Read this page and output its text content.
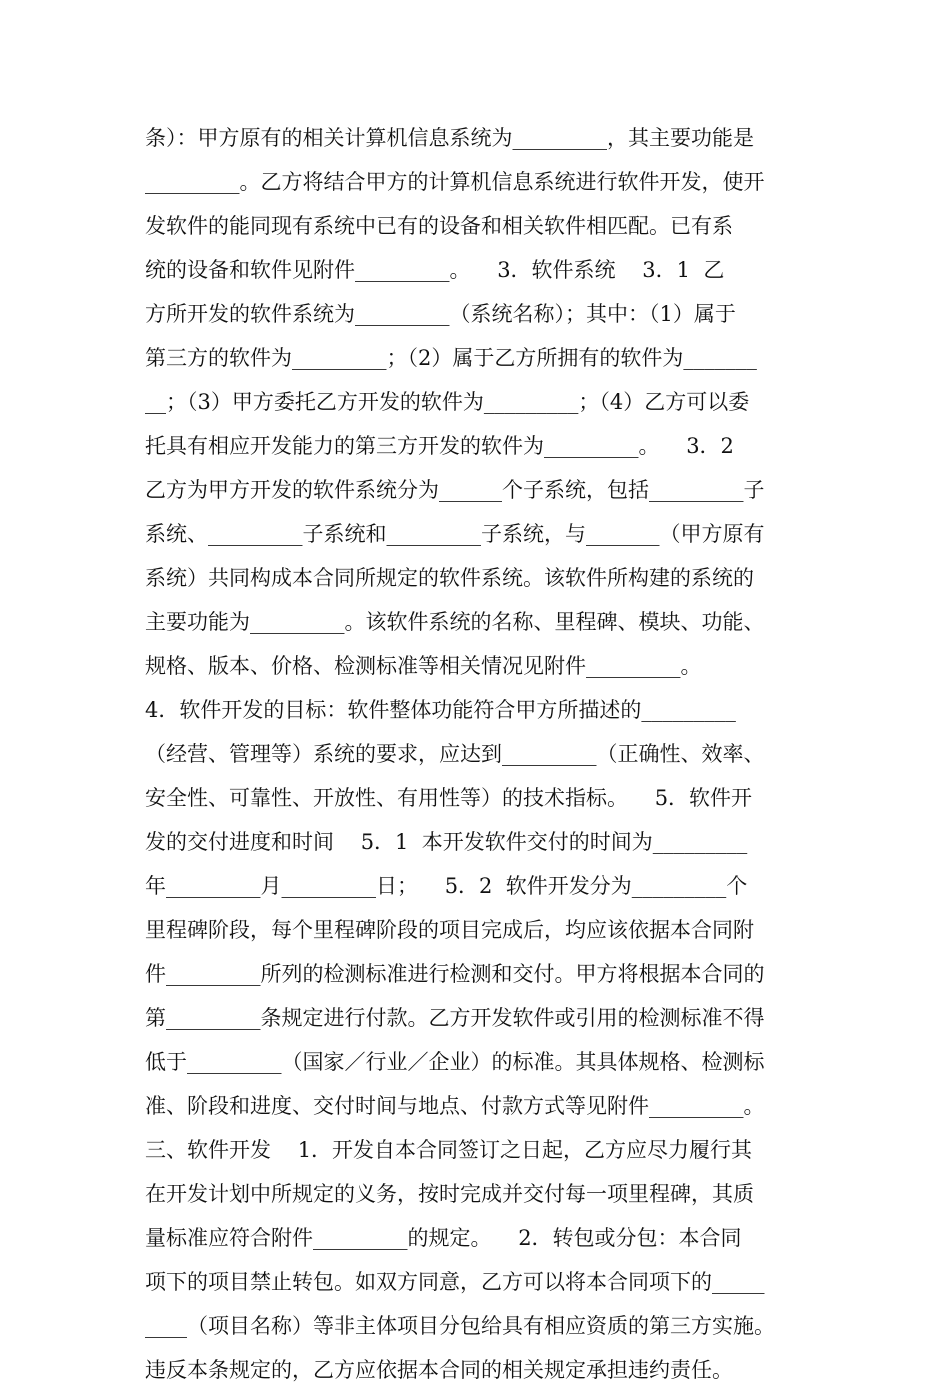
条）：甲方原有的相关计算机信息系统为_________，其主要功能是
_________。乙方将结合甲方的计算机信息系统进行软件开发，使开
发软件的能同现有系统中已有的设备和相关软件相匹配。已有系
统的设备和软件见附件_________。    3．软件系统    3．1  乙
方所开发的软件系统为_________（系统名称）；其中：（1）属于
第三方的软件为_________；（2）属于乙方所拥有的软件为_______
__；（3）甲方委托乙方开发的软件为_________；（4）乙方可以委
托具有相应开发能力的第三方开发的软件为_________。    3．2
乙方为甲方开发的软件系统分为______个子系统，包括_________子
系统、_________子系统和_________子系统，与_______（甲方原有
系统）共同构成本合同所规定的软件系统。该软件所构建的系统的
主要功能为_________。该软件系统的名称、里程碑、模块、功能、
规格、版本、价格、检测标准等相关情况见附件_________。
4．软件开发的目标：软件整体功能符合甲方所描述的_________
（经营、管理等）系统的要求，应达到_________（正确性、效率、
安全性、可靠性、开放性、有用性等）的技术指标。    5．软件开
发的交付进度和时间    5．1  本开发软件交付的时间为_________
年_________月_________日；    5．2  软件开发分为_________个
里程碑阶段，每个里程碑阶段的项目完成后，均应该依据本合同附
件_________所列的检测标准进行检测和交付。甲方将根据本合同的
第_________条规定进行付款。乙方开发软件或引用的检测标准不得
低于_________（国家／行业／企业）的标准。其具体规格、检测标
准、阶段和进度、交付时间与地点、付款方式等见附件_________。
三、软件开发    1．开发自本合同签订之日起，乙方应尽力履行其
在开发计划中所规定的义务，按时完成并交付每一项里程碑，其质
量标准应符合附件_________的规定。    2．转包或分包：本合同
项下的项目禁止转包。如双方同意，乙方可以将本合同项下的_____
____（项目名称）等非主体项目分包给具有相应资质的第三方实施。
违反本条规定的，乙方应依据本合同的相关规定承担违约责任。
